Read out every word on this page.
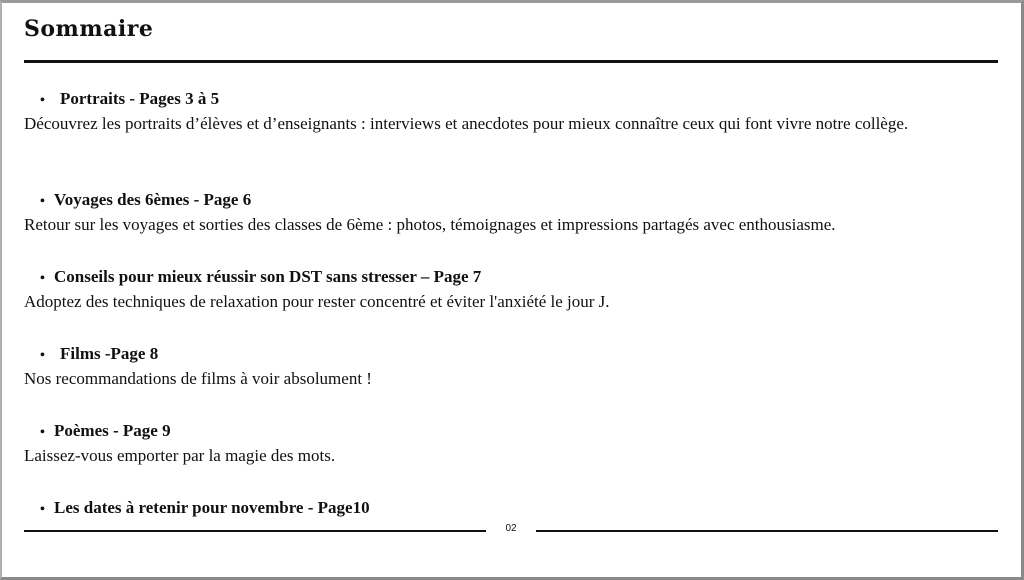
Sommaire
• Portraits - Pages 3 à 5
Découvrez les portraits d’élèves et d’enseignants : interviews et anecdotes pour mieux connaître ceux qui font vivre notre collège.
• Voyages des 6èmes - Page 6
Retour sur les voyages et sorties des classes de 6ème : photos, témoignages et impressions partagés avec enthousiasme.
• Conseils pour mieux réussir son DST sans stresser – Page 7
Adoptez des techniques de relaxation pour rester concentré et éviter l'anxiété le jour J.
• Films -Page 8
Nos recommandations de films à voir absolument !
• Poèmes - Page 9
Laissez-vous emporter par la magie des mots.
• Les dates à retenir pour novembre - Page10
02
